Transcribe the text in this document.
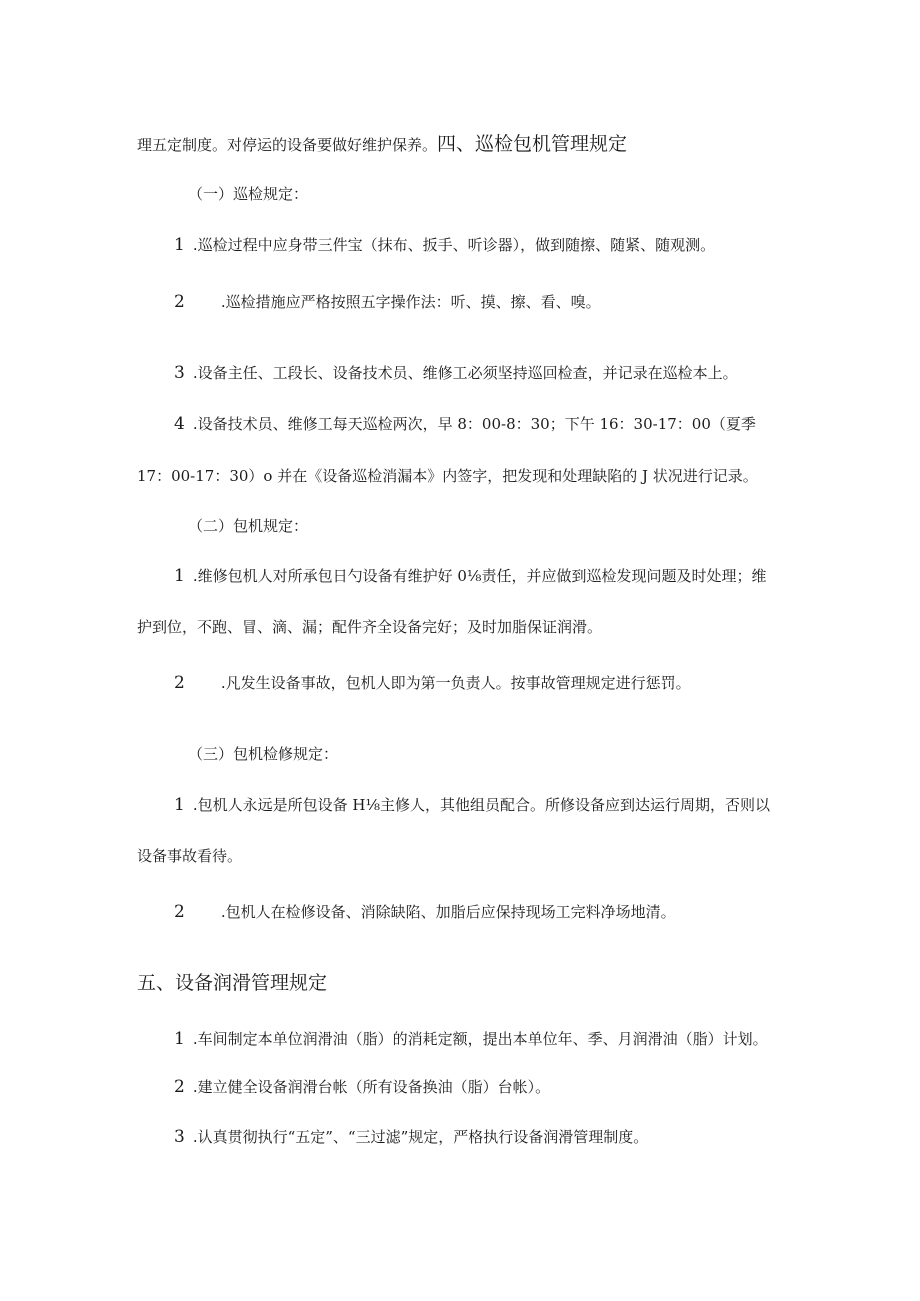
理五定制度。对停运的设备要做好维护保养。四、巡检包机管理规定
（一）巡检规定：
1 .巡检过程中应身带三件宝（抹布、扳手、听诊器），做到随擦、随紧、随观测。
2 .巡检措施应严格按照五字操作法：听、摸、擦、看、嗅。
3 .设备主任、工段长、设备技术员、维修工必须坚持巡回检查，并记录在巡检本上。
4 .设备技术员、维修工每天巡检两次，早 8：00-8：30；下午 16：30-17：00（夏季
17：00-17：30）o 并在《设备巡检消漏本》内签字，把发现和处理缺陷的 J 状况进行记录。
（二）包机规定：
1 .维修包机人对所承包日勺设备有维护好 0⅛责任，并应做到巡检发现问题及时处理；维
护到位，不跑、冒、滴、漏；配件齐全设备完好；及时加脂保证润滑。
2 .凡发生设备事故，包机人即为第一负责人。按事故管理规定进行惩罚。
（三）包机检修规定：
1 .包机人永远是所包设备 H⅛主修人，其他组员配合。所修设备应到达运行周期，否则以
设备事故看待。
2 .包机人在检修设备、消除缺陷、加脂后应保持现场工完料净场地清。
五、设备润滑管理规定
1 .车间制定本单位润滑油（脂）的消耗定额，提出本单位年、季、月润滑油（脂）计划。
2 .建立健全设备润滑台帐（所有设备换油（脂）台帐）。
3 .认真贯彻执行“五定”、“三过滤”规定，严格执行设备润滑管理制度。
